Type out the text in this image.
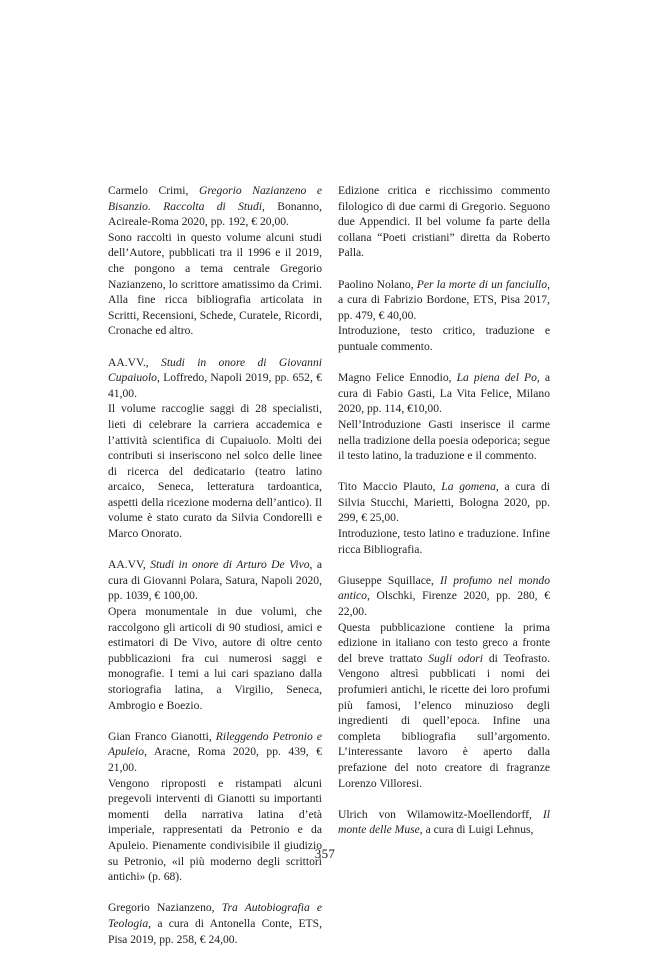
Carmelo Crimi, Gregorio Nazianzeno e Bisanzio. Raccolta di Studi, Bonanno, Acireale-Roma 2020, pp. 192, € 20,00.

Sono raccolti in questo volume alcuni studi dell’Autore, pubblicati tra il 1996 e il 2019, che pongono a tema centrale Gregorio Nazianzeno, lo scrittore amatissimo da Crimi. Alla fine ricca bibliografia articolata in Scritti, Recensioni, Schede, Curatele, Ricordi, Cronache ed altro.

AA.VV., Studi in onore di Giovanni Cupaiuolo, Loffredo, Napoli 2019, pp. 652, € 41,00.

Il volume raccoglie saggi di 28 specialisti, lieti di celebrare la carriera accademica e l’attività scientifica di Cupaiuolo. Molti dei contributi si inseriscono nel solco delle linee di ricerca del dedicatario (teatro latino arcaico, Seneca, letteratura tardoantica, aspetti della ricezione moderna dell’antico). Il volume è stato curato da Silvia Condorelli e Marco Onorato.

AA.VV, Studi in onore di Arturo De Vivo, a cura di Giovanni Polara, Satura, Napoli 2020, pp. 1039, € 100,00.

Opera monumentale in due volumi, che raccolgono gli articoli di 90 studiosi, amici e estimatori di De Vivo, autore di oltre cento pubblicazioni fra cui numerosi saggi e monografie. I temi a lui cari spaziano dalla storiografia latina, a Virgilio, Seneca, Ambrogio e Boezio.

Gian Franco Gianotti, Rileggendo Petronio e Apuleio, Aracne, Roma 2020, pp. 439, € 21,00.

Vengono riproposti e ristampati alcuni pregevoli interventi di Gianotti su importanti momenti della narrativa latina d’età imperiale, rappresentati da Petronio e da Apuleio. Pienamente condivisibile il giudizio su Petronio, «il più moderno degli scrittori antichi» (p. 68).

Gregorio Nazianzeno, Tra Autobiografia e Teologia, a cura di Antonella Conte, ETS, Pisa 2019, pp. 258, € 24,00.

Edizione critica e ricchissimo commento filologico di due carmi di Gregorio. Seguono due Appendici. Il bel volume fa parte della collana “Poeti cristiani” diretta da Roberto Palla.

Paolino Nolano, Per la morte di un fanciullo, a cura di Fabrizio Bordone, ETS, Pisa 2017, pp. 479, € 40,00.

Introduzione, testo critico, traduzione e puntuale commento.

Magno Felice Ennodio, La piena del Po, a cura di Fabio Gasti, La Vita Felice, Milano 2020, pp. 114, €10,00.

Nell’Introduzione Gasti inserisce il carme nella tradizione della poesia odeporica; segue il testo latino, la traduzione e il commento.

Tito Maccio Plauto, La gomena, a cura di Silvia Stucchi, Marietti, Bologna 2020, pp. 299, € 25,00.

Introduzione, testo latino e traduzione. Infine ricca Bibliografia.

Giuseppe Squillace, Il profumo nel mondo antico, Olschki, Firenze 2020, pp. 280, € 22,00.

Questa pubblicazione contiene la prima edizione in italiano con testo greco a fronte del breve trattato Sugli odori di Teofrasto. Vengono altresì pubblicati i nomi dei profumieri antichi, le ricette dei loro profumi più famosi, l’elenco minuzioso degli ingredienti di quell’epoca. Infine una completa bibliografia sull’argomento. L’interessante lavoro è aperto dalla prefazione del noto creatore di fragranze Lorenzo Villoresi.

Ulrich von Wilamowitz-Moellendorff, Il monte delle Muse, a cura di Luigi Lehnus,

357
